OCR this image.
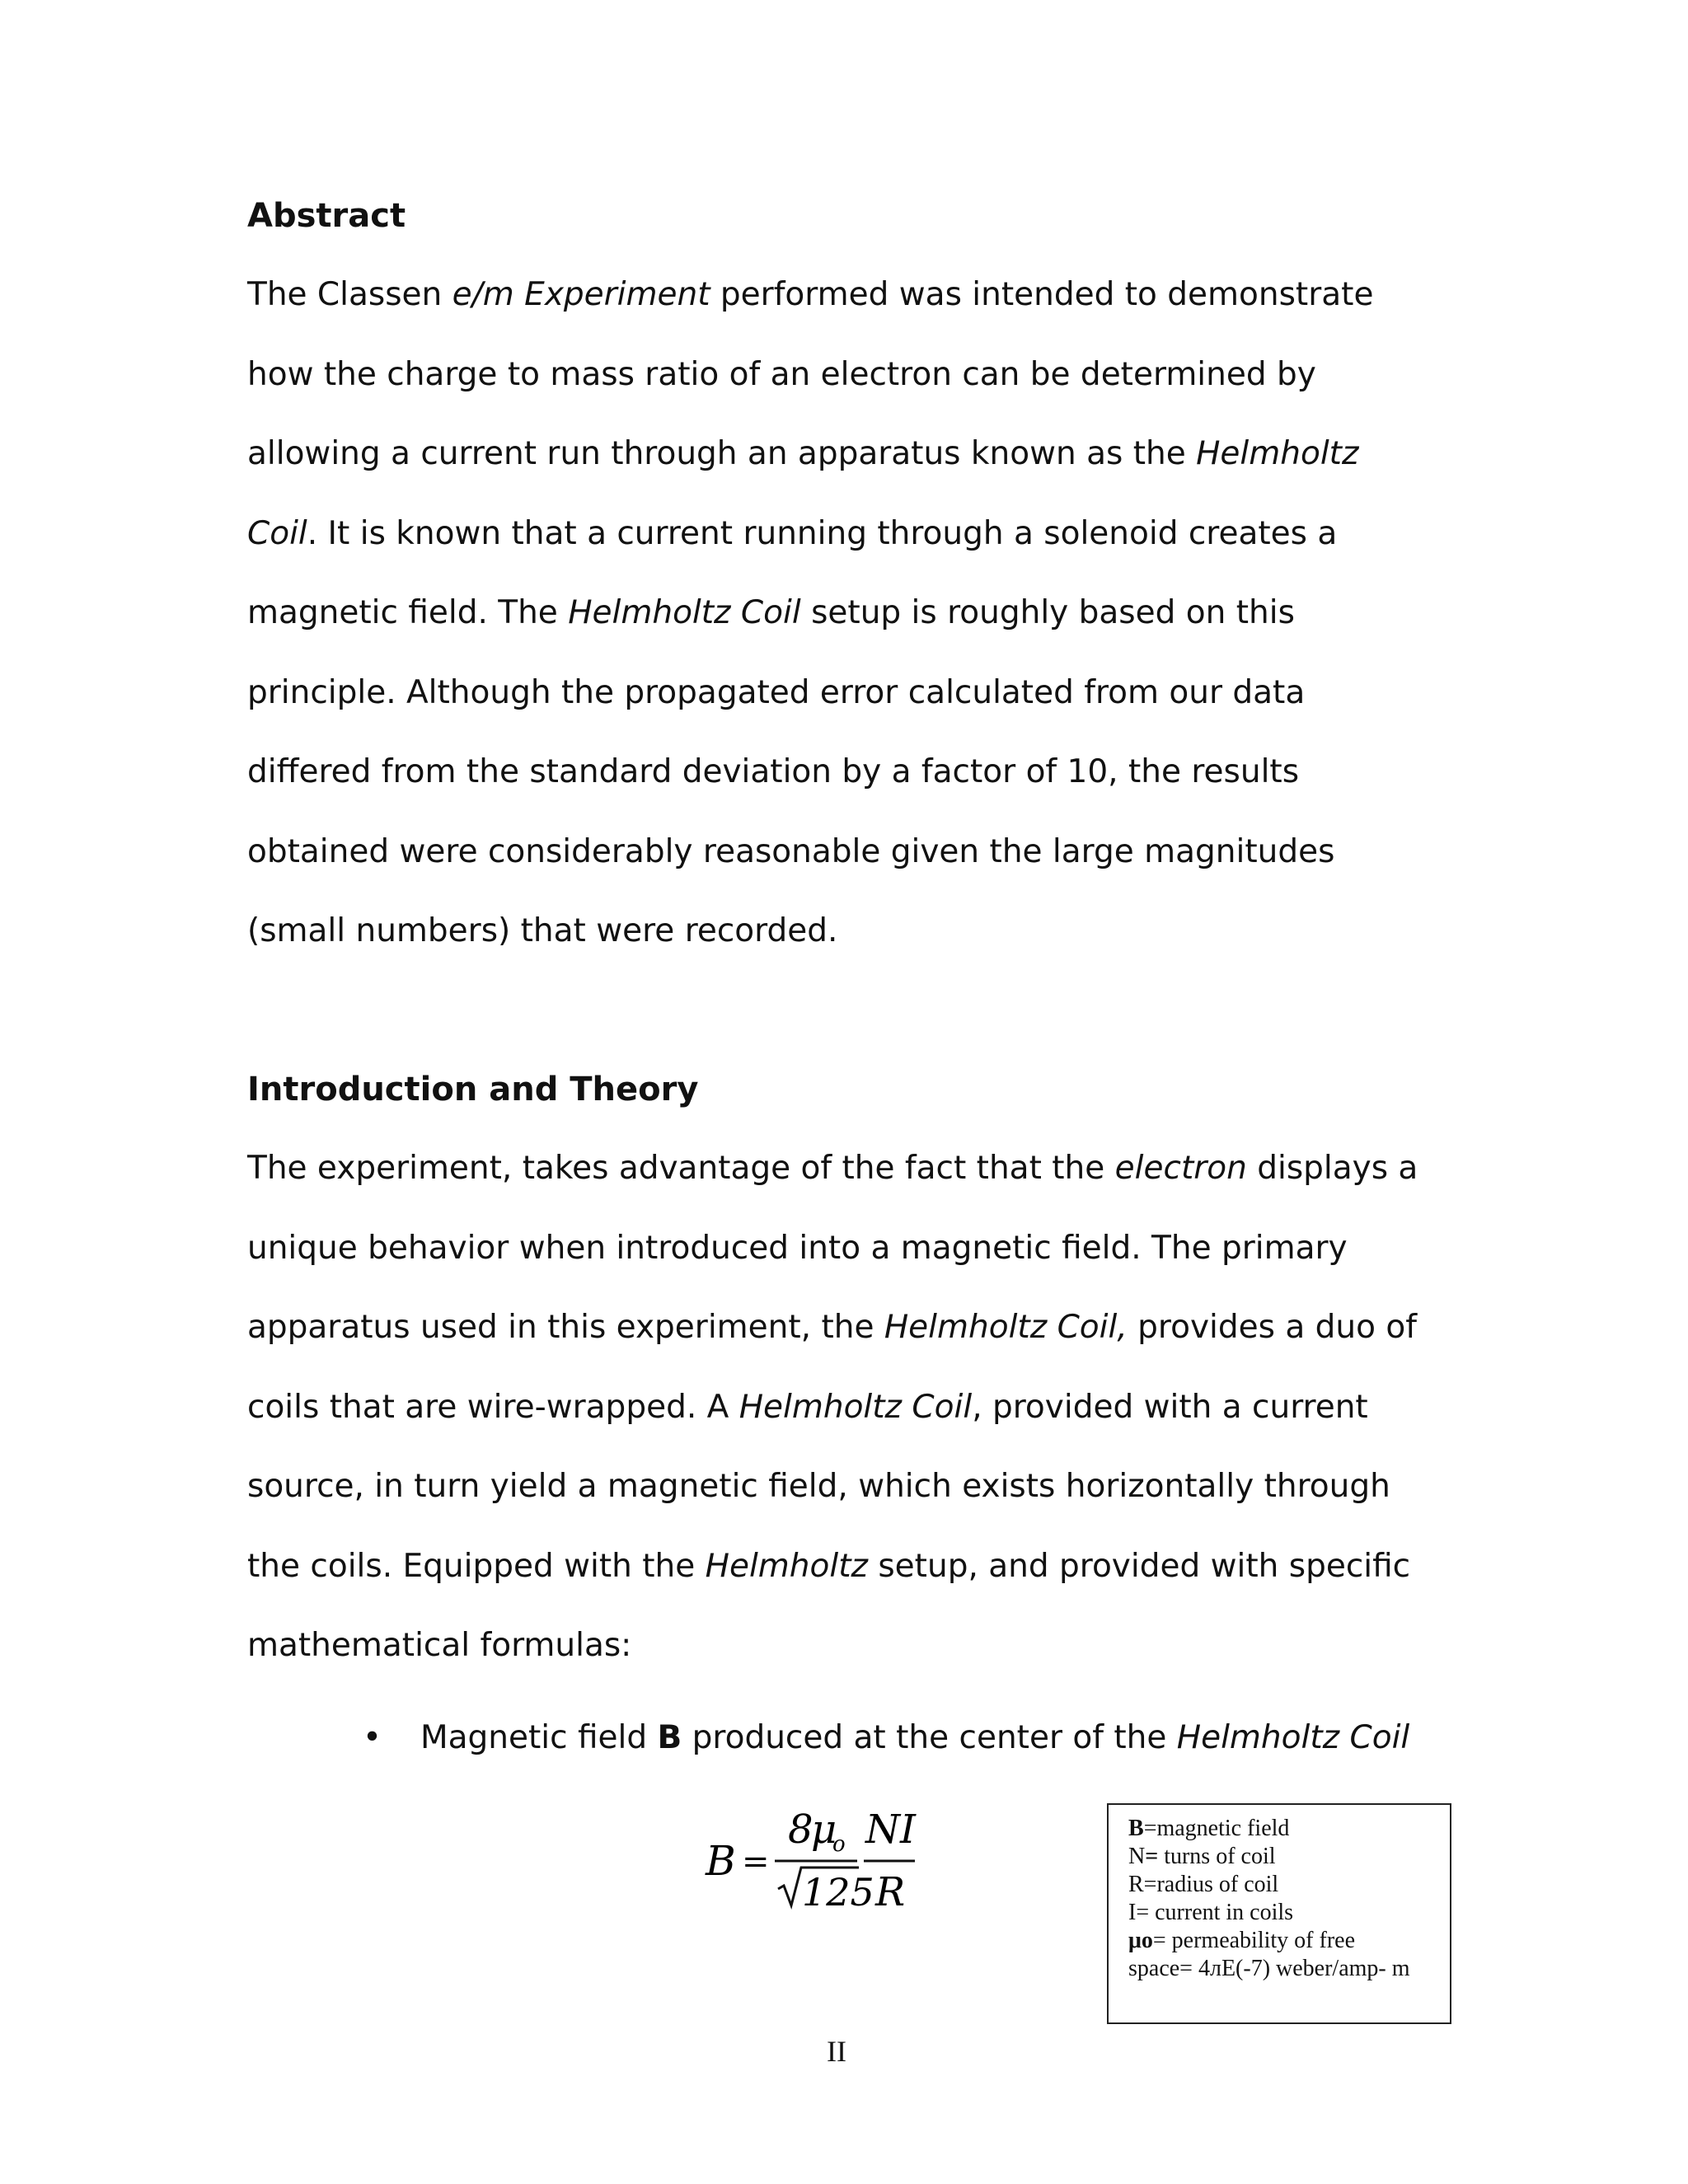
Abstract
The Classen e/m Experiment performed was intended to demonstrate
how the charge to mass ratio of an electron can be determined by
allowing a current run through an apparatus known as the Helmholtz
Coil. It is known that a current running through a solenoid creates a
magnetic field. The Helmholtz Coil setup is roughly based on this
principle. Although the propagated error calculated from our data
differed from the standard deviation by a factor of 10, the results
obtained were considerably reasonable given the large magnitudes
(small numbers) that were recorded.
Introduction and Theory
The experiment, takes advantage of the fact that the electron displays a
unique behavior when introduced into a magnetic field. The primary
apparatus used in this experiment, the Helmholtz Coil, provides a duo of
coils that are wire-wrapped. A Helmholtz Coil, provided with a current
source, in turn yield a magnetic field, which exists horizontally through
the coils. Equipped with the Helmholtz setup, and provided with specific
mathematical formulas:
• Magnetic field B produced at the center of the Helmholtz Coil
B =
8
μ
o
125
NI
R
B=magnetic field
N= turns of coil
R=radius of coil
I= current in coils
μo= permeability of free
space= 4лE(-7) weber/amp- m
II
